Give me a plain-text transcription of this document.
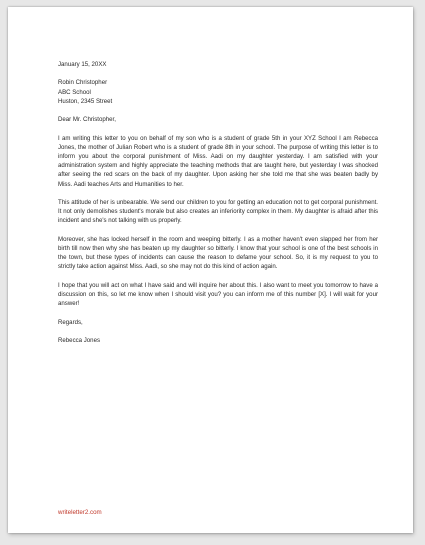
January 15, 20XX

Robin Christopher

ABC School

Huston, 2345 Street

Dear Mr. Christopher,

I am writing this letter to you on behalf of my son who is a student of grade 5th in your XYZ School I am Rebecca Jones, the mother of Julian Robert who is a student of grade 8th in your school. The purpose of writing this letter is to inform you about the corporal punishment of Miss. Aadi on my daughter yesterday. I am satisfied with your administration system and highly appreciate the teaching methods that are taught here, but yesterday I was shocked after seeing the red scars on the back of my daughter. Upon asking her she told me that she was beaten badly by Miss. Aadi teaches Arts and Humanities to her.

This attitude of her is unbearable. We send our children to you for getting an education not to get corporal punishment. It not only demolishes student's morale but also creates an inferiority complex in them. My daughter is afraid after this incident and she's not talking with us properly.

Moreover, she has locked herself in the room and weeping bitterly. I as a mother haven't even slapped her from her birth till now then why she has beaten up my daughter so bitterly. I know that your school is one of the best schools in the town, but these types of incidents can cause the reason to defame your school. So, it is my request to you to strictly take action against Miss. Aadi, so she may not do this kind of action again.

I hope that you will act on what I have said and will inquire her about this. I also want to meet you tomorrow to have a discussion on this, so let me know when I should visit you? you can inform me of this number [X]. I will wait for your answer!

Regards,

Rebecca Jones

writeletter2.com
